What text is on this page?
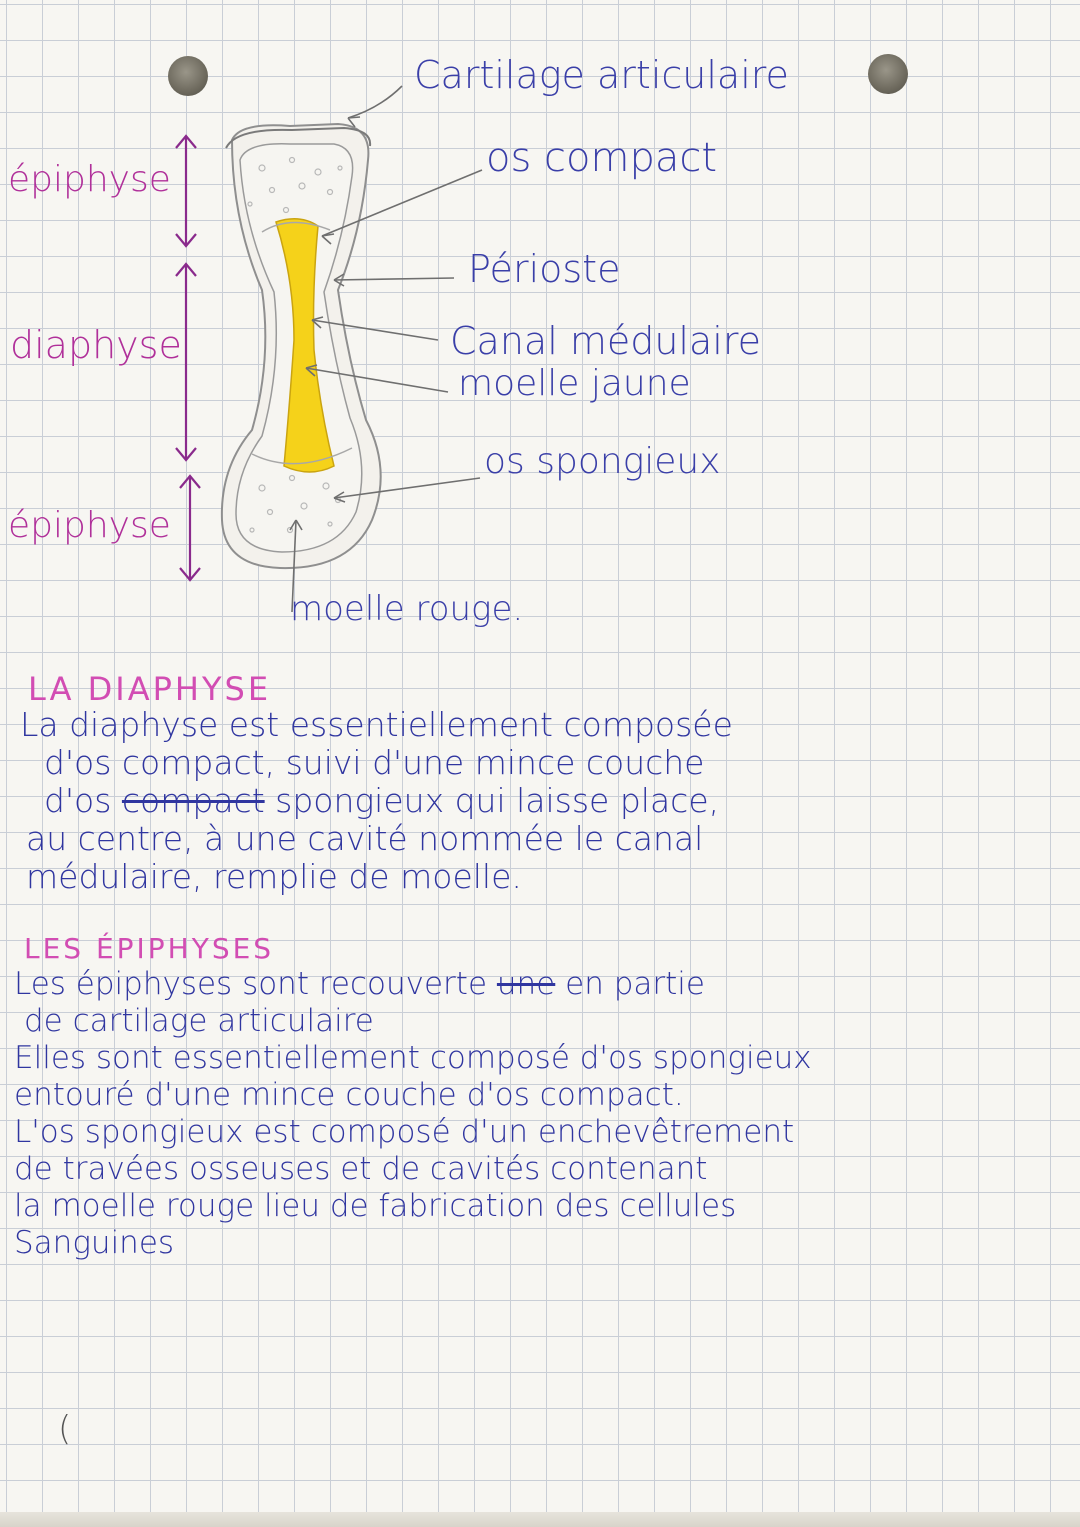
Cartilage articulaire
os compact
Périoste
Canal médulaire
moelle jaune
os spongieux
moelle rouge.
épiphyse
diaphyse
épiphyse
LA DIAPHYSE
La diaphyse est essentiellement composée
d'os compact, suivi d'une mince couche
d'os compact spongieux qui laisse place,
au centre, à une cavité nommée le canal
médulaire, remplie de moelle.
LES ÉPIPHYSES
Les épiphyses sont recouverte une en partie
de cartilage articulaire
Elles sont essentiellement composé d'os spongieux
entouré d'une mince couche d'os compact.
L'os spongieux est composé d'un enchevêtrement
de travées osseuses et de cavités contenant
la moelle rouge lieu de fabrication des cellules
Sanguines
(
